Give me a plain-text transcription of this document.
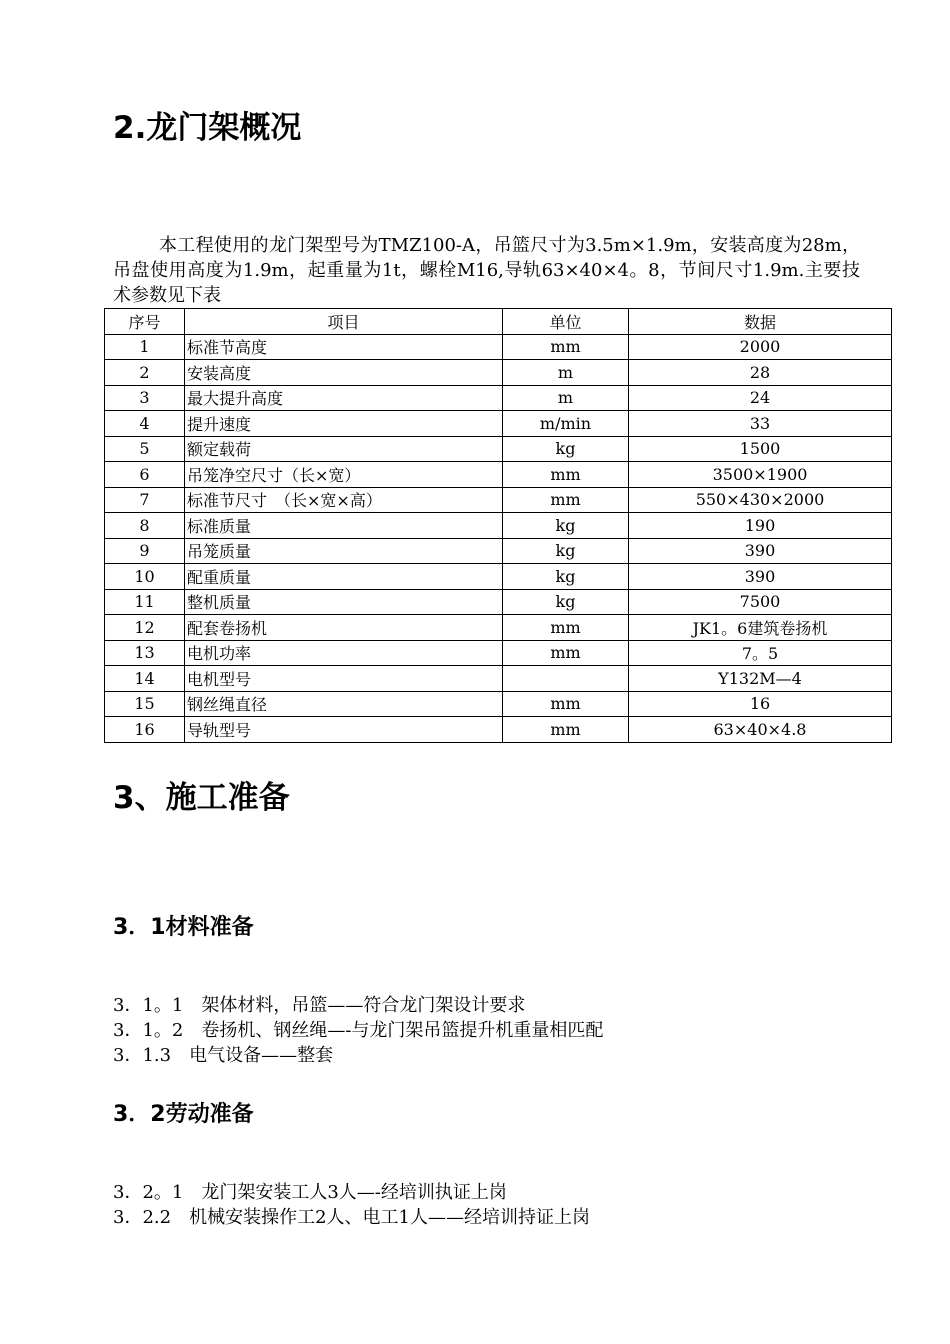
2.龙门架概况

本工程使用的龙门架型号为TMZ100-A，吊篮尺寸为3.5m×1.9m，安装高度为28m，吊盘使用高度为1.9m，起重量为1t，螺栓M16,导轨63×40×4。8，节间尺寸1.9m.主要技术参数见下表

序号	项目	单位	数据
1	标准节高度	mm	2000
2	安装高度	m	28
3	最大提升高度	m	24
4	提升速度	m/min	33
5	额定载荷	kg	1500
6	吊笼净空尺寸（长×宽）	mm	3500×1900
7	标准节尺寸　（长×宽×高）	mm	550×430×2000
8	标准质量	kg	190
9	吊笼质量	kg	390
10	配重质量	kg	390
11	整机质量	kg	7500
12	配套卷扬机	mm	JK1。6建筑卷扬机
13	电机功率	mm	7。5
14	电机型号		Y132M—4
15	钢丝绳直径	mm	16
16	导轨型号	mm	63×40×4.8
3、施工准备
3．1材料准备

3．1。1　架体材料，吊篮——符合龙门架设计要求

3．1。2　卷扬机、钢丝绳—-与龙门架吊篮提升机重量相匹配

3．1.3　电气设备——整套

3．2劳动准备

3．2。1　龙门架安装工人3人—-经培训执证上岗

3．2.2　机械安装操作工2人、电工1人——经培训持证上岗
